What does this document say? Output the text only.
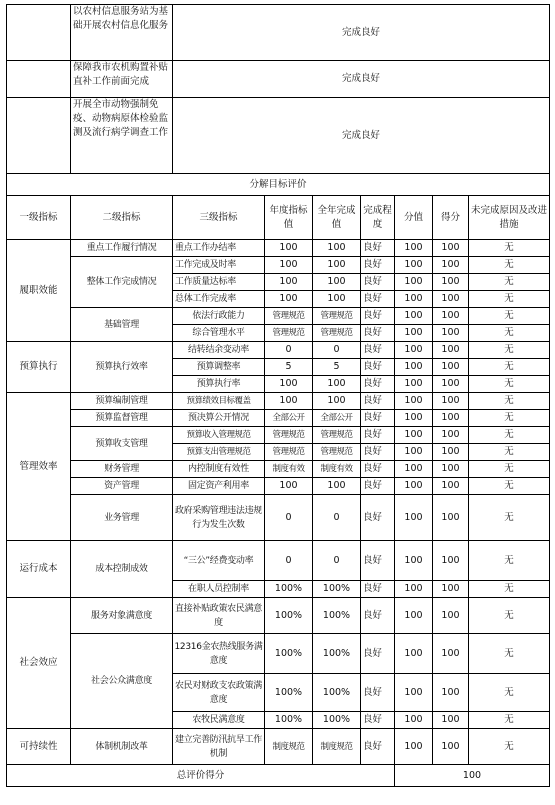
	以农村信息服务站为基础开展农村信息化服务	完成良好						
	保障我市农机购置补贴直补工作前面完成	完成良好						
	开展全市动物强制免疫、动物病原体检验监测及流行病学调查工作	完成良好						
分解目标评价								
一级指标	二级指标	三级指标	年度指标值	全年完成值	完成程度	分值	得分	未完成原因及改进措施
履职效能	重点工作履行情况	重点工作办结率	100	100	良好	100	100	无
	整体工作完成情况	工作完成及时率	100	100	良好	100	100	无
		工作质量达标率	100	100	良好	100	100	无
		总体工作完成率	100	100	良好	100	100	无
	基础管理	依法行政能力	管理规范	管理规范	良好	100	100	无
		综合管理水平	管理规范	管理规范	良好	100	100	无
预算执行	预算执行效率	结转结余变动率	0	0	良好	100	100	无
		预算调整率	5	5	良好	100	100	无
		预算执行率	100	100	良好	100	100	无
管理效率	预算编制管理	预算绩效目标覆盖	100	100	良好	100	100	无
	预算监督管理	预决算公开情况	全部公开	全部公开	良好	100	100	无
	预算收支管理	预算收入管理规范	管理规范	管理规范	良好	100	100	无
		预算支出管理规范	管理规范	管理规范	良好	100	100	无
	财务管理	内控制度有效性	制度有效	制度有效	良好	100	100	无
	资产管理	固定资产利用率	100	100	良好	100	100	无
	业务管理	政府采购管理违法违规行为发生次数	0	0	良好	100	100	无
运行成本	成本控制成效	“三公”经费变动率	0	0	良好	100	100	无
		在职人员控制率	100%	100%	良好	100	100	无
社会效应	服务对象满意度	直接补贴政策农民满意度	100%	100%	良好	100	100	无
	社会公众满意度	12316金农热线服务满意度	100%	100%	良好	100	100	无
		农民对财政支农政策满意度	100%	100%	良好	100	100	无
		农牧民满意度	100%	100%	良好	100	100	无
可持续性	体制机制改革	建立完善防汛抗旱工作机制	制度规范	制度规范	良好	100	100	无
总评价得分						100		
